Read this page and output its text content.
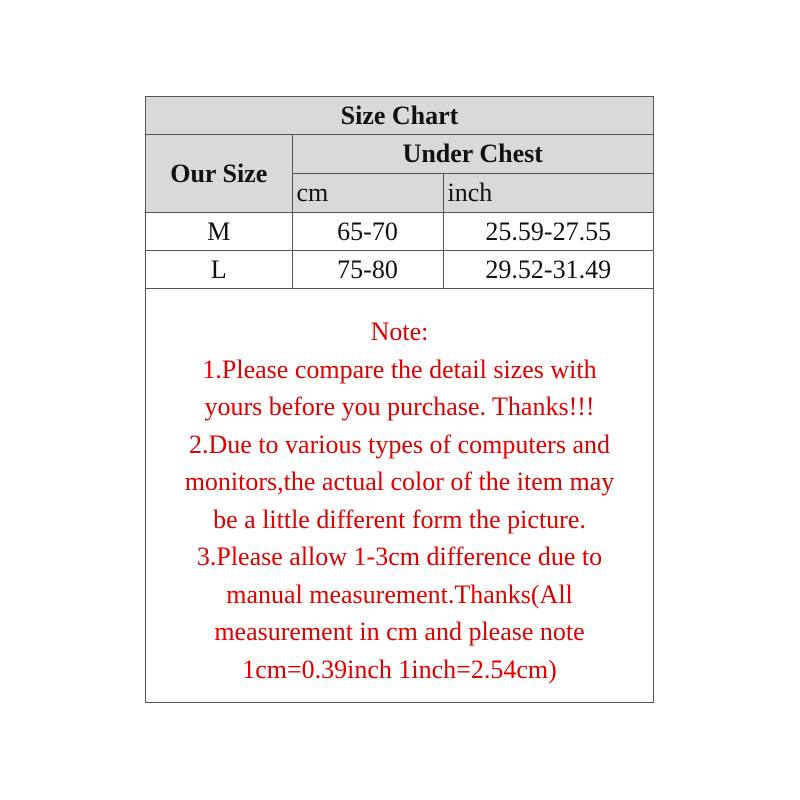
Size Chart		
Our Size	Under Chest	
	cm	inch
M	65-70	25.59-27.55
L	75-80	29.52-31.49
Note:
1.Please compare the detail sizes with
yours before you purchase. Thanks!!!
2.Due to various types of computers and
monitors,the actual color of the item may
be a little different form the picture.
3.Please allow 1-3cm difference due to
manual measurement.Thanks(All
measurement in cm and please note
1cm=0.39inch 1inch=2.54cm)
